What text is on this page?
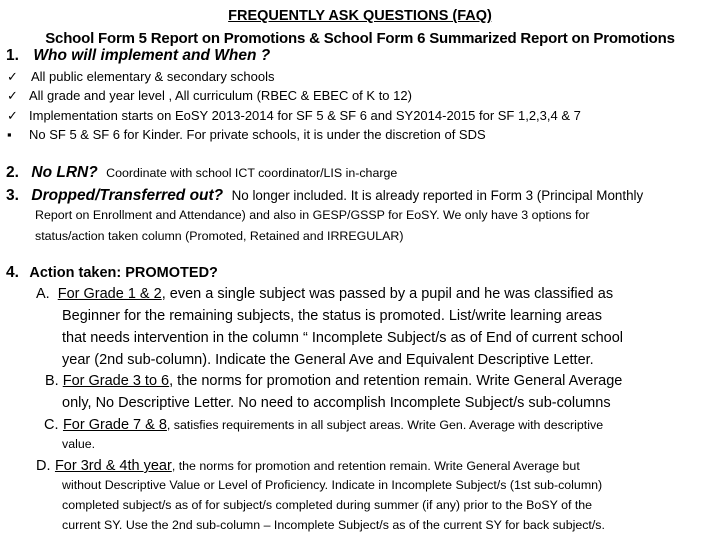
FREQUENTLY ASK QUESTIONS (FAQ)
School Form 5 Report on Promotions & School Form 6 Summarized Report on Promotions
1. Who will implement and When ?
✓ All public elementary & secondary schools
✓ All grade and year level , All curriculum (RBEC & EBEC of K to 12)
✓ Implementation starts on EoSY 2013-2014 for SF 5 & SF 6 and SY2014-2015 for SF 1,2,3,4 & 7
▪ No SF 5 & SF 6 for Kinder. For private schools, it is under the discretion of SDS
2. No LRN? Coordinate with school ICT coordinator/LIS in-charge
3. Dropped/Transferred out? No longer included. It is already reported in Form 3 (Principal Monthly
Report on Enrollment and Attendance) and also in GESP/GSSP for EoSY. We only have 3 options for
status/action taken column (Promoted, Retained and IRREGULAR)
4. Action taken: PROMOTED?
A. For Grade 1 & 2, even a single subject was passed by a pupil and he was classified as
Beginner for the remaining subjects, the status is promoted. List/write learning areas
that needs intervention in the column “ Incomplete Subject/s as of End of current school
year (2nd sub-column). Indicate the General Ave and Equivalent Descriptive Letter.
B. For Grade 3 to 6, the norms for promotion and retention remain. Write General Average
only, No Descriptive Letter. No need to accomplish Incomplete Subject/s sub-columns
C. For Grade 7 & 8, satisfies requirements in all subject areas. Write Gen. Average with descriptive
value.
D. For 3rd & 4th year, the norms for promotion and retention remain. Write General Average but
without Descriptive Value or Level of Proficiency. Indicate in Incomplete Subject/s (1st sub-column)
completed subject/s as of for subject/s completed during summer (if any) prior to the BoSY of the
current SY. Use the 2nd sub-column – Incomplete Subject/s as of the current SY for back subject/s.
